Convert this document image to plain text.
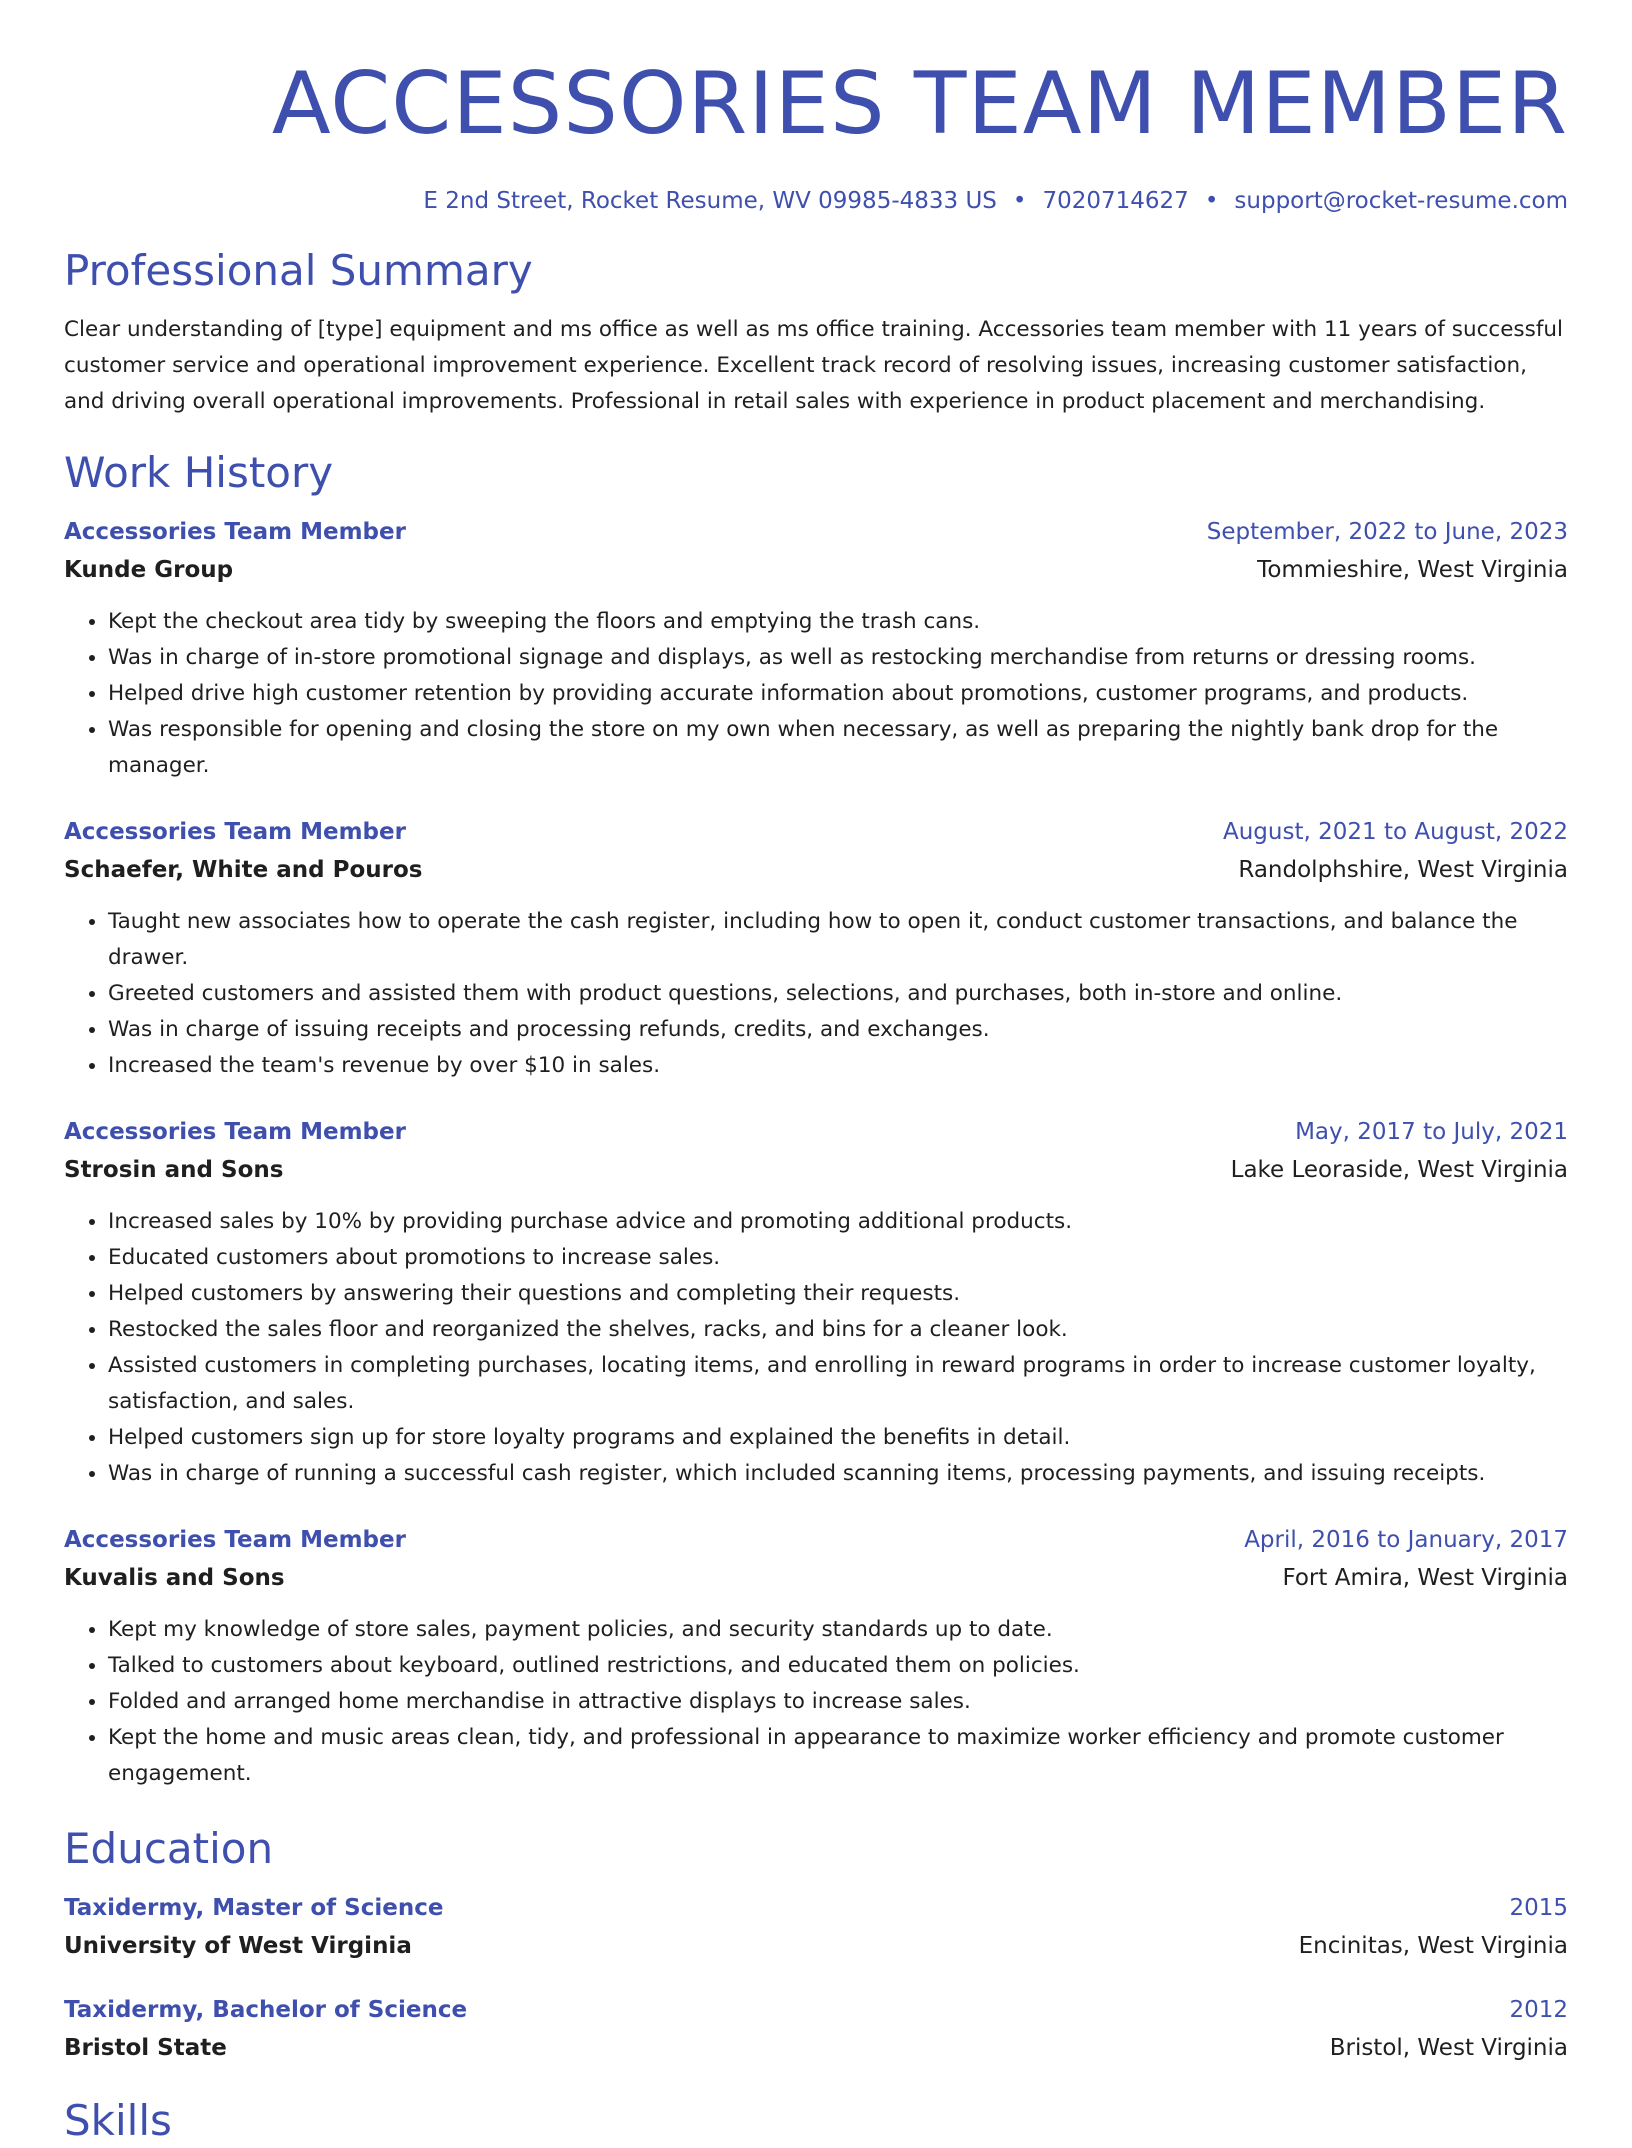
ACCESSORIES TEAM MEMBER
E 2nd Street, Rocket Resume, WV 09985-4833 US • 7020714627 • support@rocket-resume.com
Professional Summary
Clear understanding of [type] equipment and ms office as well as ms office training. Accessories team member with 11 years of successful customer service and operational improvement experience. Excellent track record of resolving issues, increasing customer satisfaction, and driving overall operational improvements. Professional in retail sales with experience in product placement and merchandising.
Work History
Accessories Team Member	September, 2022 to June, 2023
Kunde Group	Tommieshire, West Virginia
• Kept the checkout area tidy by sweeping the floors and emptying the trash cans.
• Was in charge of in-store promotional signage and displays, as well as restocking merchandise from returns or dressing rooms.
• Helped drive high customer retention by providing accurate information about promotions, customer programs, and products.
• Was responsible for opening and closing the store on my own when necessary, as well as preparing the nightly bank drop for the manager.
Accessories Team Member	August, 2021 to August, 2022
Schaefer, White and Pouros	Randolphshire, West Virginia
• Taught new associates how to operate the cash register, including how to open it, conduct customer transactions, and balance the drawer.
• Greeted customers and assisted them with product questions, selections, and purchases, both in-store and online.
• Was in charge of issuing receipts and processing refunds, credits, and exchanges.
• Increased the team's revenue by over $10 in sales.
Accessories Team Member	May, 2017 to July, 2021
Strosin and Sons	Lake Leoraside, West Virginia
• Increased sales by 10% by providing purchase advice and promoting additional products.
• Educated customers about promotions to increase sales.
• Helped customers by answering their questions and completing their requests.
• Restocked the sales floor and reorganized the shelves, racks, and bins for a cleaner look.
• Assisted customers in completing purchases, locating items, and enrolling in reward programs in order to increase customer loyalty, satisfaction, and sales.
• Helped customers sign up for store loyalty programs and explained the benefits in detail.
• Was in charge of running a successful cash register, which included scanning items, processing payments, and issuing receipts.
Accessories Team Member	April, 2016 to January, 2017
Kuvalis and Sons	Fort Amira, West Virginia
• Kept my knowledge of store sales, payment policies, and security standards up to date.
• Talked to customers about keyboard, outlined restrictions, and educated them on policies.
• Folded and arranged home merchandise in attractive displays to increase sales.
• Kept the home and music areas clean, tidy, and professional in appearance to maximize worker efficiency and promote customer engagement.
Education
Taxidermy, Master of Science	2015
University of West Virginia	Encinitas, West Virginia
Taxidermy, Bachelor of Science	2012
Bristol State	Bristol, West Virginia
Skills
